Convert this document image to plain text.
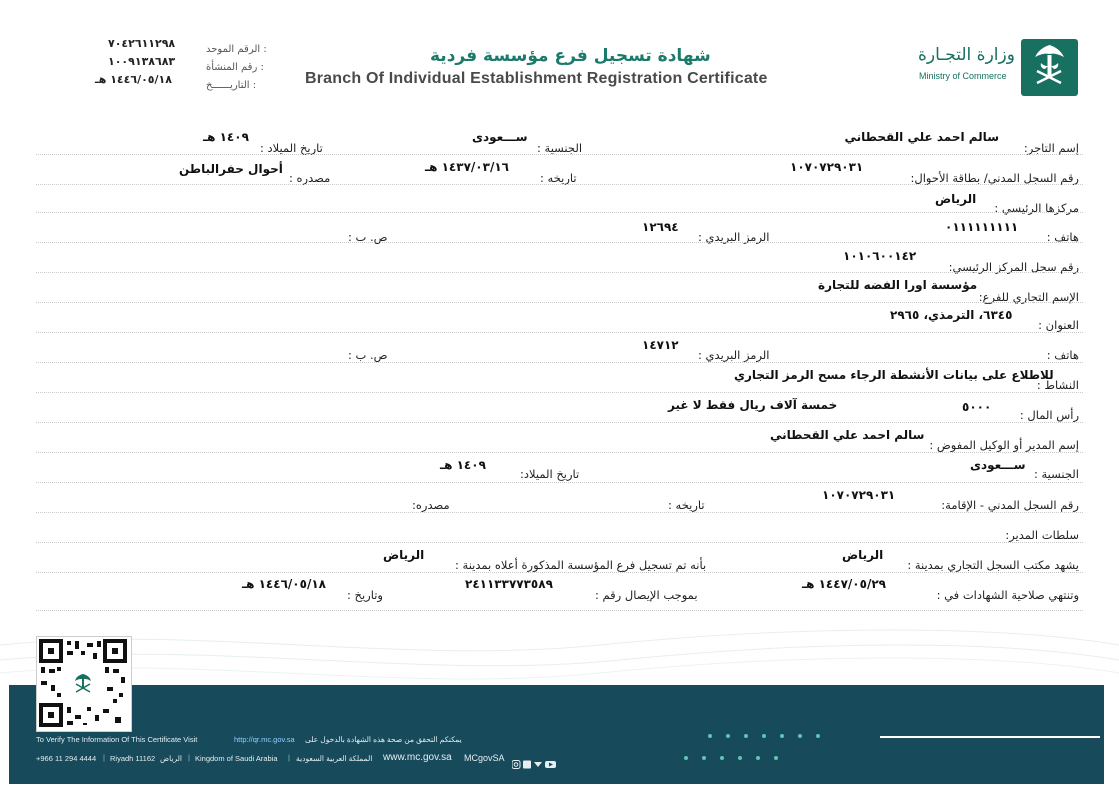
الرقم الموحد :
٧٠٤٢٦١١٢٩٨
رقم المنشأة :
١٠٠٩١٣٨٦٨٣
التاريــــــخ :
١٤٤٦/٠٥/١٨ هـ
شهادة تسجيل فرع مؤسسة فردية
Branch Of Individual Establishment Registration Certificate
وزارة التجـارة
Ministry of Commerce
إسم التاجر:
سالم احمد علي القحطاني
الجنسية :
ســـعودى
تاريخ الميلاد :
١٤٠٩ هـ
رقم السجل المدني/ بطاقة الأحوال:
١٠٧٠٧٢٩٠٣١
تاريخه :
١٤٣٧/٠٣/١٦ هـ
مصدره :
أحوال حفرالباطن
مركزها الرئيسي :
الرياض
هاتف :
٠١١١١١١١١١
الرمز البريدي :
١٢٦٩٤
ص. ب :
رقم سجل المركز الرئيسي:
١٠١٠٦٠٠١٤٢
الإسم التجاري للفرع:
مؤسسة اورا الفضه للتجارة
العنوان :
٦٣٤٥، الترمذي، ٢٩٦٥
هاتف :
الرمز البريدي :
١٤٧١٢
ص. ب :
النشاط :
للاطلاع على بيانات الأنشطة الرجاء مسح الرمز التجاري
رأس المال :
٥٠٠٠
خمسة آلاف ريال فقط لا غير
إسم المدير أو الوكيل المفوض :
سالم احمد علي القحطاني
الجنسية :
ســـعودى
تاريخ الميلاد:
١٤٠٩ هـ
رقم السجل المدني - الإقامة:
١٠٧٠٧٢٩٠٣١
تاريخه :
مصدره:
سلطات المدير:
يشهد مكتب السجل التجاري بمدينة :
الرياض
بأنه تم تسجيل فرع المؤسسة المذكورة أعلاه بمدينة :
الرياض
وتنتهي صلاحية الشهادات في :
١٤٤٧/٠٥/٢٩ هـ
بموجب الإيصال رقم :
٢٤١١٣٣٧٧٣٥٨٩
وتاريخ :
١٤٤٦/٠٥/١٨ هـ
To Verify The Information Of This Certificate Visit	http://qr.mc.gov.sa يمكنكم التحقق من صحة هذه الشهادة بالدخول على
+966 11 294 4444 | Riyadh 11162 الرياض | Kingdom of Saudi Arabia | المملكة العربية السعودية www.mc.gov.sa MCgovSA
